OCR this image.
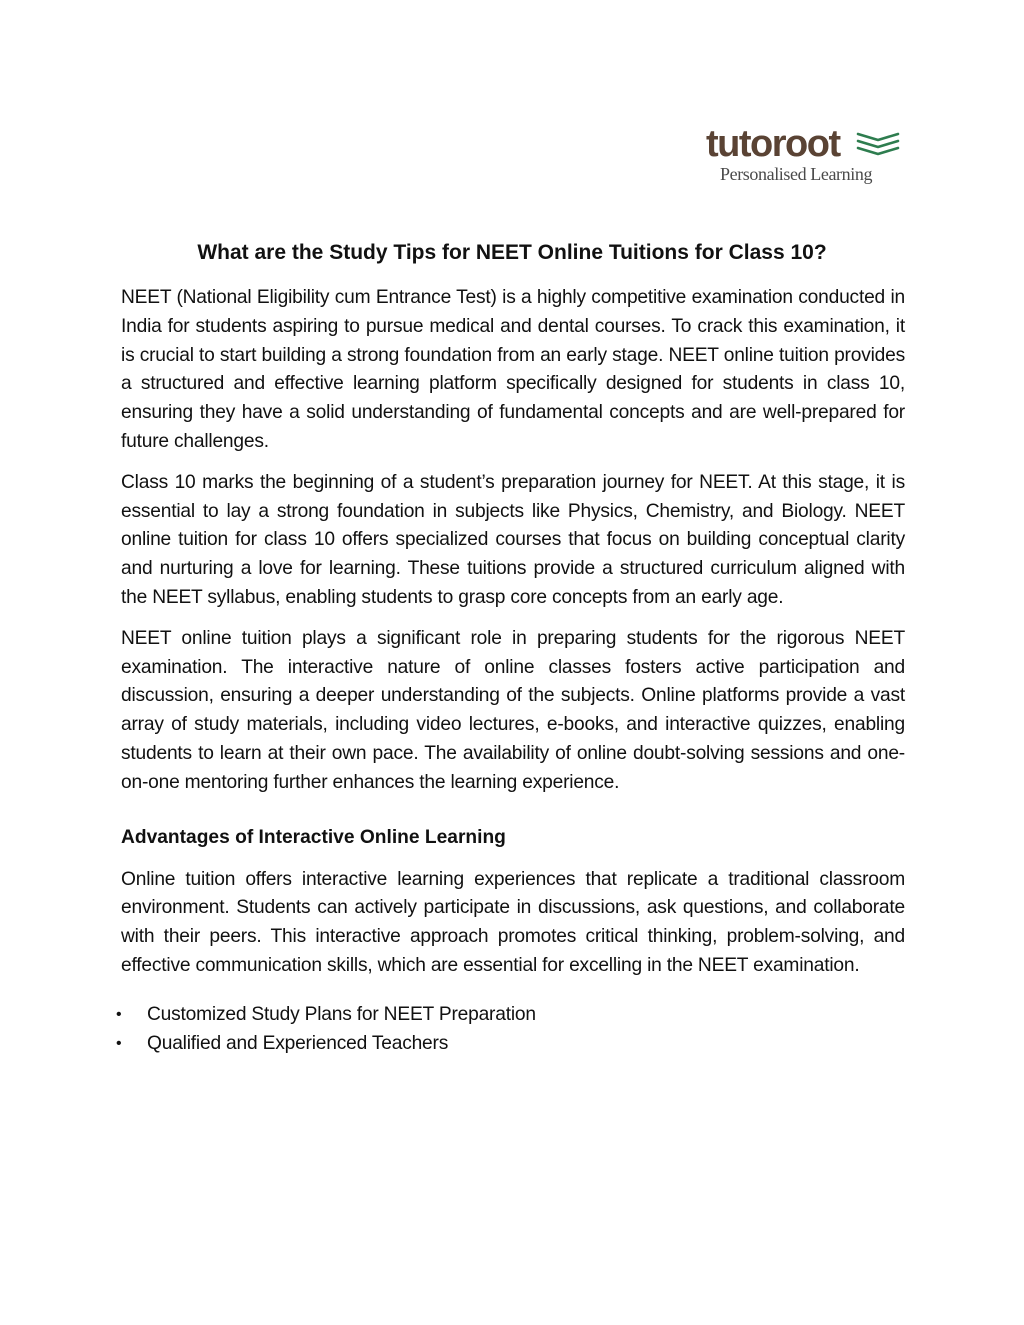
tutoroot
Personalised Learning
What are the Study Tips for NEET Online Tuitions for Class 10?

NEET (National Eligibility cum Entrance Test) is a highly competitive examination conducted in India for students aspiring to pursue medical and dental courses. To crack this examination, it is crucial to start building a strong foundation from an early stage. NEET online tuition provides a structured and effective learning platform specifically designed for students in class 10, ensuring they have a solid understanding of fundamental concepts and are well-prepared for future challenges.

Class 10 marks the beginning of a student’s preparation journey for NEET. At this stage, it is essential to lay a strong foundation in subjects like Physics, Chemistry, and Biology. NEET online tuition for class 10 offers specialized courses that focus on building conceptual clarity and nurturing a love for learning. These tuitions provide a structured curriculum aligned with the NEET syllabus, enabling students to grasp core concepts from an early age.

NEET online tuition plays a significant role in preparing students for the rigorous NEET examination. The interactive nature of online classes fosters active participation and discussion, ensuring a deeper understanding of the subjects. Online platforms provide a vast array of study materials, including video lectures, e-books, and interactive quizzes, enabling students to learn at their own pace. The availability of online doubt-solving sessions and one-on-one mentoring further enhances the learning experience.

Advantages of Interactive Online Learning

Online tuition offers interactive learning experiences that replicate a traditional classroom environment. Students can actively participate in discussions, ask questions, and collaborate with their peers. This interactive approach promotes critical thinking, problem-solving, and effective communication skills, which are essential for excelling in the NEET examination.

• Customized Study Plans for NEET Preparation
• Qualified and Experienced Teachers
